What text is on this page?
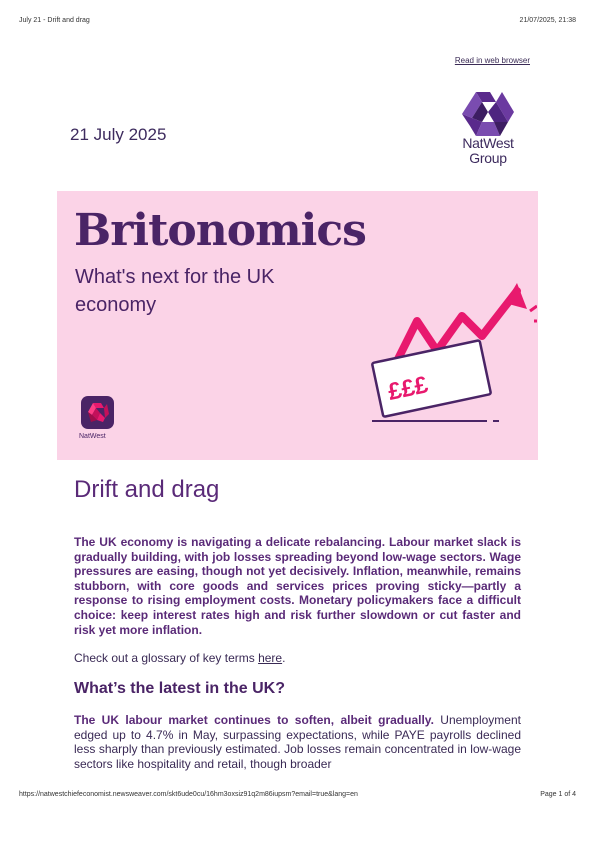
July 21 - Drift and drag	21/07/2025, 21:38
Read in web browser
21 July 2025	NatWest
Group
Britonomics
What's next for the UK economy
NatWest
£££
Drift and drag
The UK economy is navigating a delicate rebalancing. Labour market slack is gradually building, with job losses spreading beyond low-wage sectors. Wage pressures are easing, though not yet decisively. Inflation, meanwhile, remains stubborn, with core goods and services prices proving sticky—partly a response to rising employment costs. Monetary policymakers face a difficult choice: keep interest rates high and risk further slowdown or cut faster and risk yet more inflation.
Check out a glossary of key terms here.
What’s the latest in the UK?
The UK labour market continues to soften, albeit gradually. Unemployment edged up to 4.7% in May, surpassing expectations, while PAYE payrolls declined less sharply than previously estimated. Job losses remain concentrated in low-wage sectors like hospitality and retail, though broader
https://natwestchiefeconomist.newsweaver.com/skt6ude0cu/16hm3oxsiz91q2m86iupsm?email=true&lang=en	Page 1 of 4
